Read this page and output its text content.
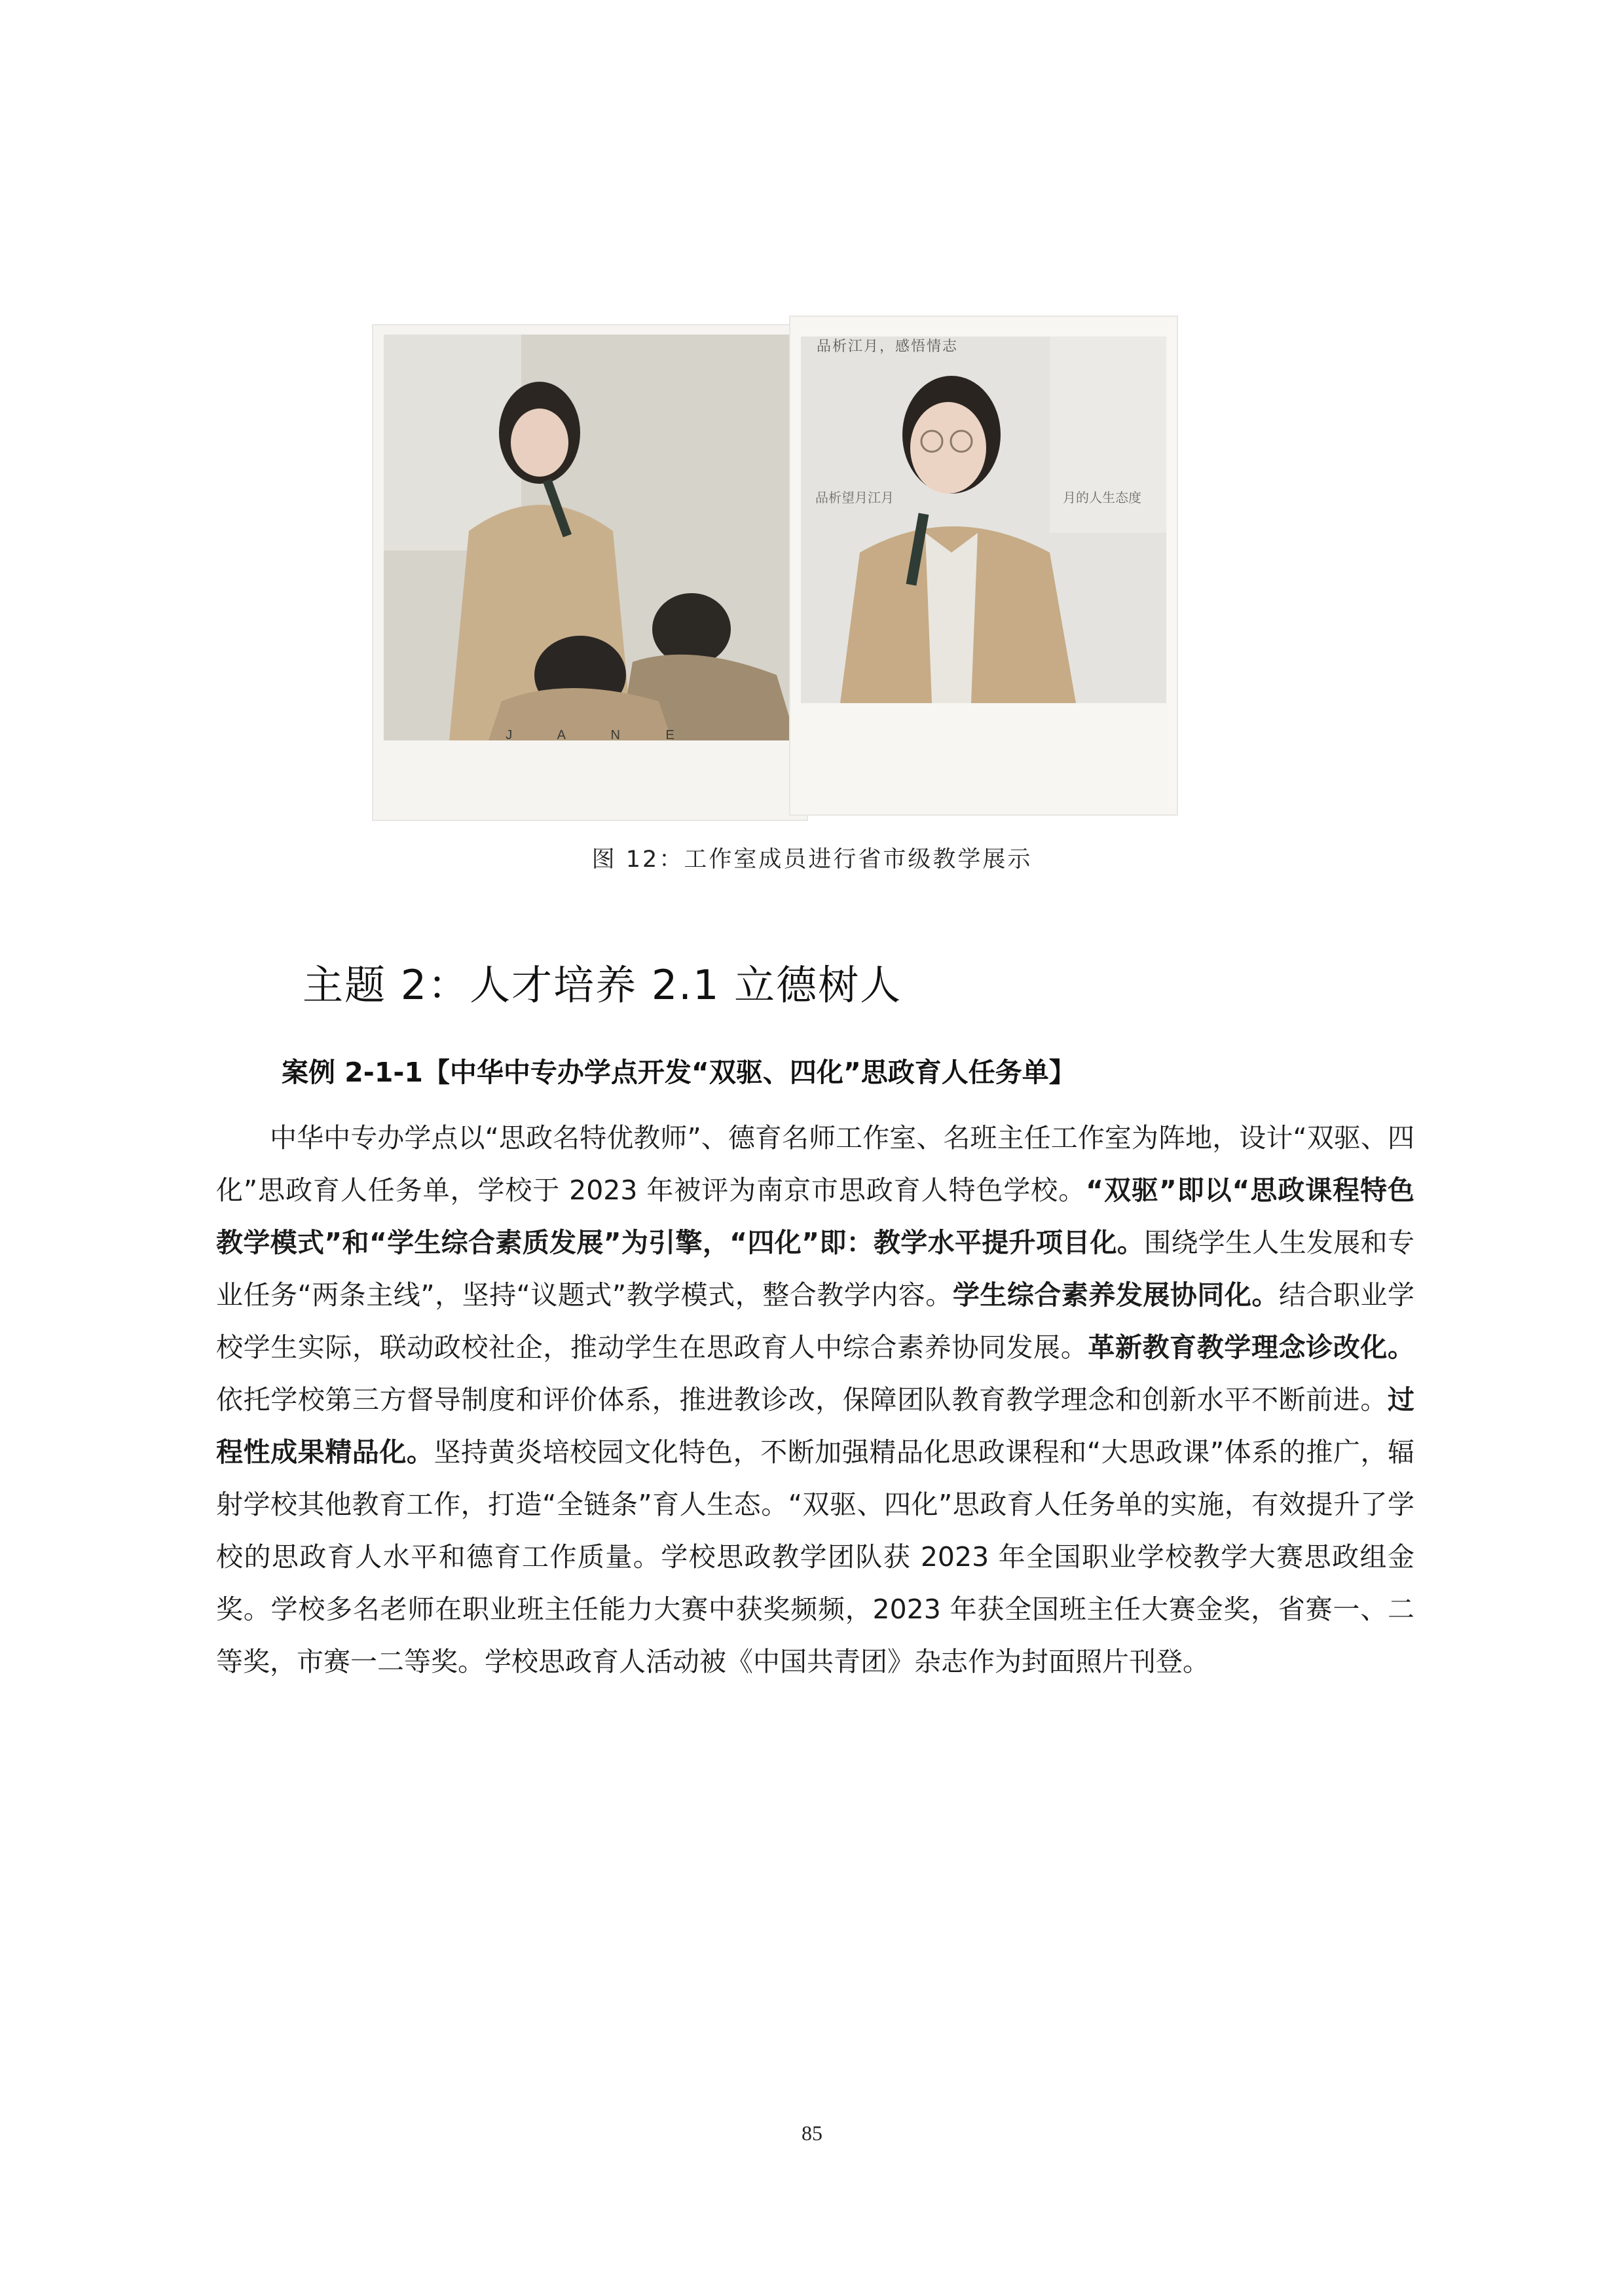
J A N E
品析望月江月	月的人生态度
品析江月，感悟情志
图 12：工作室成员进行省市级教学展示
主题 2：人才培养 2.1 立德树人
案例 2-1-1【中华中专办学点开发“双驱、四化”思政育人任务单】
中华中专办学点以“思政名特优教师”、德育名师工作室、名班主任工作室为阵地，设计“双驱、四化”思政育人任务单，学校于 2023 年被评为南京市思政育人特色学校。“双驱”即以“思政课程特色教学模式”和“学生综合素质发展”为引擎，“四化”即：教学水平提升项目化。围绕学生人生发展和专业任务“两条主线”，坚持“议题式”教学模式，整合教学内容。学生综合素养发展协同化。结合职业学校学生实际，联动政校社企，推动学生在思政育人中综合素养协同发展。革新教育教学理念诊改化。依托学校第三方督导制度和评价体系，推进教诊改，保障团队教育教学理念和创新水平不断前进。过程性成果精品化。坚持黄炎培校园文化特色，不断加强精品化思政课程和“大思政课”体系的推广，辐射学校其他教育工作，打造“全链条”育人生态。“双驱、四化”思政育人任务单的实施，有效提升了学校的思政育人水平和德育工作质量。学校思政教学团队获 2023 年全国职业学校教学大赛思政组金奖。学校多名老师在职业班主任能力大赛中获奖频频，2023 年获全国班主任大赛金奖，省赛一、二等奖，市赛一二等奖。学校思政育人活动被《中国共青团》杂志作为封面照片刊登。
85
